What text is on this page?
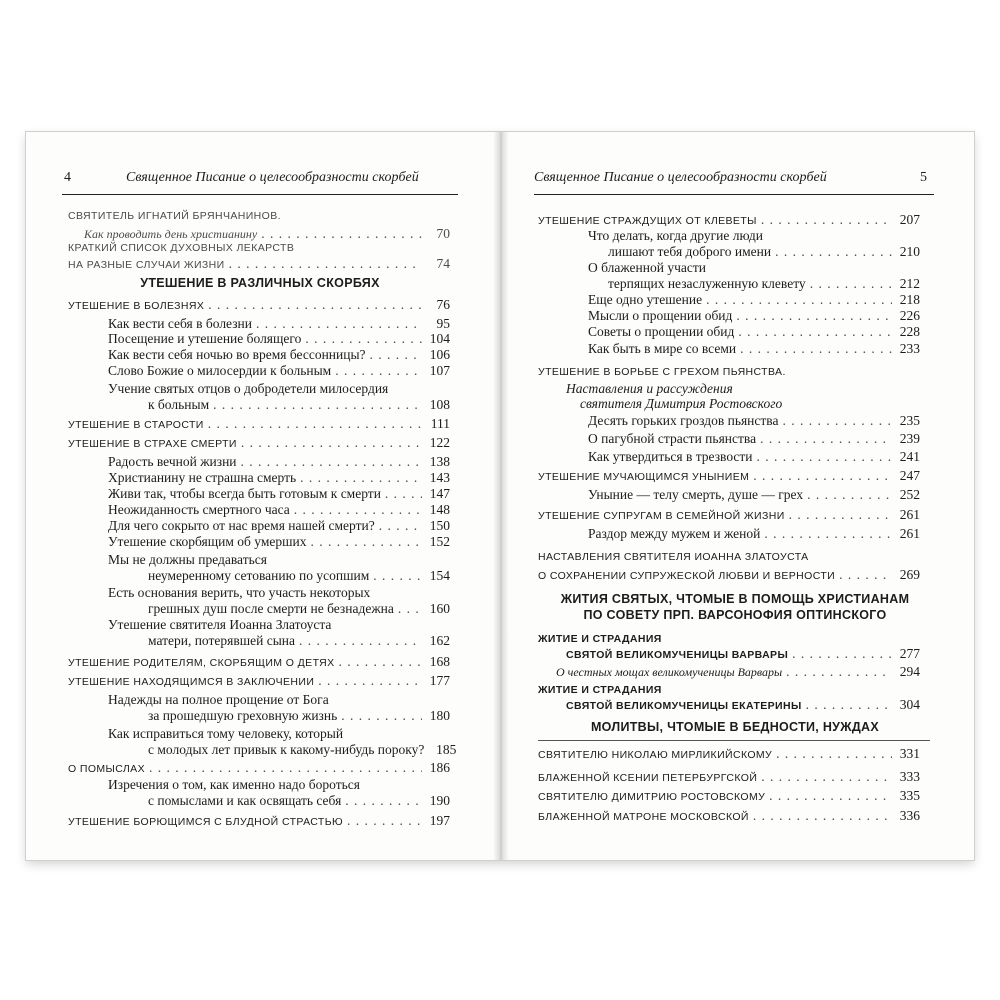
4	Священное Писание о целесообразности скорбей	Священное Писание о целесообразности скорбей	5
СВЯТИТЕЛЬ ИГНАТИЙ БРЯНЧАНИНОВ.
Как проводить день христианину . . .	70
КРАТКИЙ СПИСОК ДУХОВНЫХ ЛЕКАРСТВ
НА РАЗНЫЕ СЛУЧАИ ЖИЗНИ . . .	74
УТЕШЕНИЕ В РАЗЛИЧНЫХ СКОРБЯХ
УТЕШЕНИЕ В БОЛЕЗНЯХ . . .	76
Как вести себя в болезни . . .	95
Посещение и утешение болящего . . .	104
Как вести себя ночью во время бессонницы? . . .	106
Слово Божие о милосердии к больным . . .	107
Учение святых отцов о добродетели милосердия
к больным . . .	108
УТЕШЕНИЕ В СТАРОСТИ . . .	111
УТЕШЕНИЕ В СТРАХЕ СМЕРТИ . . .	122
Радость вечной жизни . . .	138
Христианину не страшна смерть . . .	143
Живи так, чтобы всегда быть готовым к смерти . . .	147
Неожиданность смертного часа . . .	148
Для чего сокрыто от нас время нашей смерти? . . .	150
Утешение скорбящим об умерших . . .	152
Мы не должны предаваться
неумеренному сетованию по усопшим . . .	154
Есть основания верить, что участь некоторых
грешных душ после смерти не безнадежна . . .	160
Утешение святителя Иоанна Златоуста
матери, потерявшей сына . . .	162
УТЕШЕНИЕ РОДИТЕЛЯМ, СКОРБЯЩИМ О ДЕТЯХ . . .	168
УТЕШЕНИЕ НАХОДЯЩИМСЯ В ЗАКЛЮЧЕНИИ . . .	177
Надежды на полное прощение от Бога
за прошедшую греховную жизнь . . .	180
Как исправиться тому человеку, который
с молодых лет привык к какому-нибудь пороку? 185
О ПОМЫСЛАХ . . .	186
Изречения о том, как именно надо бороться
с помыслами и как освящать себя . . .	190
УТЕШЕНИЕ БОРЮЩИМСЯ С БЛУДНОЙ СТРАСТЬЮ . . .	197
УТЕШЕНИЕ СТРАЖДУЩИХ ОТ КЛЕВЕТЫ . . .	207
Что делать, когда другие люди
лишают тебя доброго имени . . .	210
О блаженной участи
терпящих незаслуженную клевету . . .	212
Еще одно утешение . . .	218
Мысли о прощении обид . . .	226
Советы о прощении обид . . .	228
Как быть в мире со всеми . . .	233
УТЕШЕНИЕ В БОРЬБЕ С ГРЕХОМ ПЬЯНСТВА.
Наставления и рассуждения
святителя Димитрия Ростовского
Десять горьких гроздов пьянства . . .	235
О пагубной страсти пьянства . . .	239
Как утвердиться в трезвости . . .	241
УТЕШЕНИЕ МУЧАЮЩИМСЯ УНЫНИЕМ . . .	247
Уныние — телу смерть, душе — грех . . .	252
УТЕШЕНИЕ СУПРУГАМ В СЕМЕЙНОЙ ЖИЗНИ . . .	261
Раздор между мужем и женой . . .	261
НАСТАВЛЕНИЯ СВЯТИТЕЛЯ ИОАННА ЗЛАТОУСТА
О СОХРАНЕНИИ СУПРУЖЕСКОЙ ЛЮБВИ И ВЕРНОСТИ . . .	269
ЖИТИЯ СВЯТЫХ, ЧТОМЫЕ В ПОМОЩЬ ХРИСТИАНАМ
ПО СОВЕТУ ПРП. ВАРСОНОФИЯ ОПТИНСКОГО
ЖИТИЕ И СТРАДАНИЯ
СВЯТОЙ ВЕЛИКОМУЧЕНИЦЫ ВАРВАРЫ . . .	277
О честных мощах великомученицы Варвары . . .	294
ЖИТИЕ И СТРАДАНИЯ
СВЯТОЙ ВЕЛИКОМУЧЕНИЦЫ ЕКАТЕРИНЫ . . .	304
МОЛИТВЫ, ЧТОМЫЕ В БЕДНОСТИ, НУЖДАХ
СВЯТИТЕЛЮ НИКОЛАЮ МИРЛИКИЙСКОМУ . . .	331
БЛАЖЕННОЙ КСЕНИИ ПЕТЕРБУРГСКОЙ . . .	333
СВЯТИТЕЛЮ ДИМИТРИЮ РОСТОВСКОМУ . . .	335
БЛАЖЕННОЙ МАТРОНЕ МОСКОВСКОЙ . . .	336
